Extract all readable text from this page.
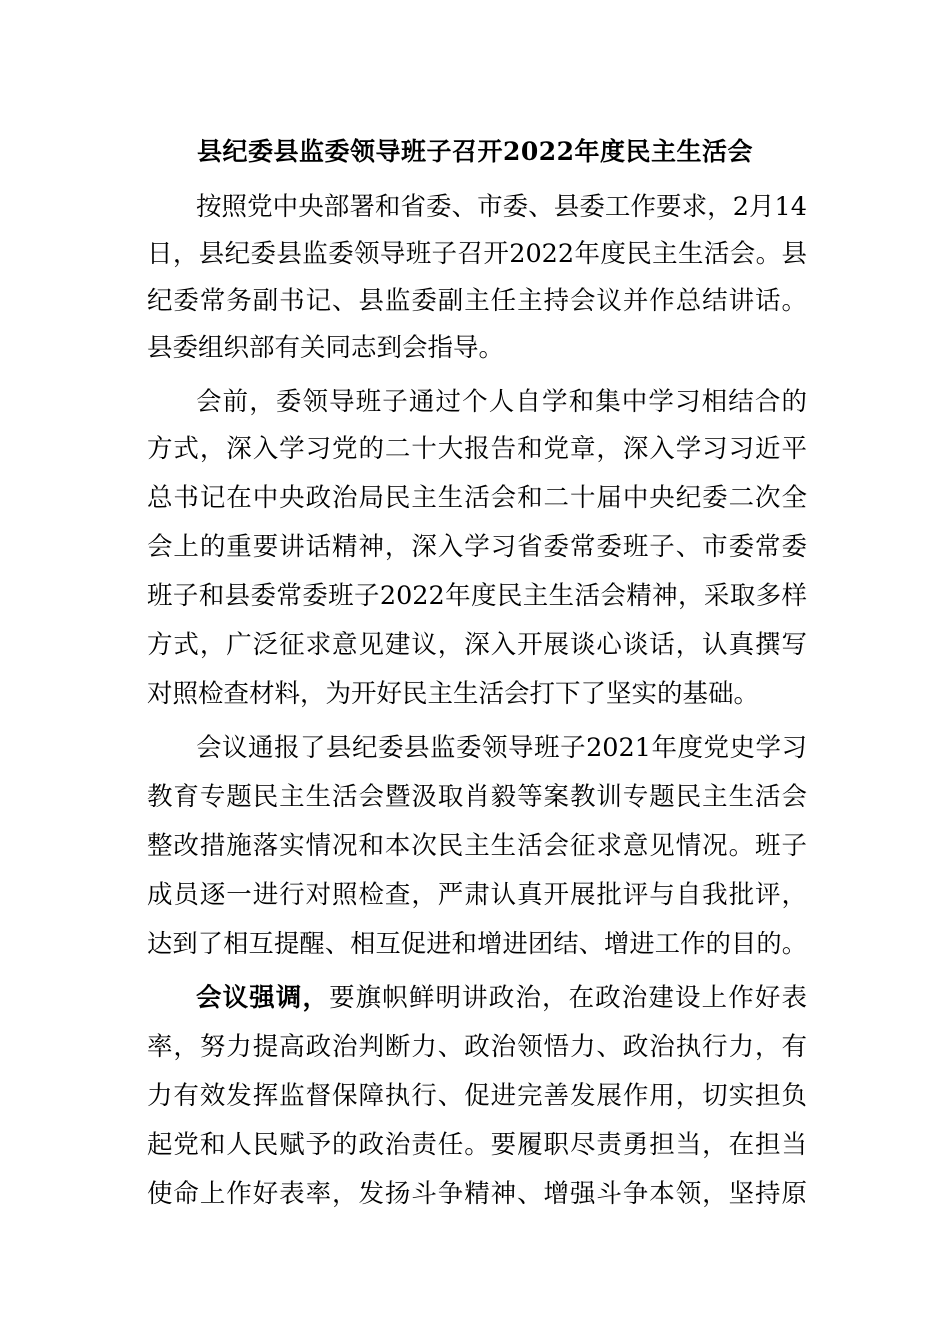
县纪委县监委领导班子召开2022年度民主生活会

按照党中央部署和省委、市委、县委工作要求，2月14

日，县纪委县监委领导班子召开2022年度民主生活会。县

纪委常务副书记、县监委副主任主持会议并作总结讲话。

县委组织部有关同志到会指导。

会前，委领导班子通过个人自学和集中学习相结合的

方式，深入学习党的二十大报告和党章，深入学习习近平

总书记在中央政治局民主生活会和二十届中央纪委二次全

会上的重要讲话精神，深入学习省委常委班子、市委常委

班子和县委常委班子2022年度民主生活会精神，采取多样

方式，广泛征求意见建议，深入开展谈心谈话，认真撰写

对照检查材料，为开好民主生活会打下了坚实的基础。

会议通报了县纪委县监委领导班子2021年度党史学习

教育专题民主生活会暨汲取肖毅等案教训专题民主生活会

整改措施落实情况和本次民主生活会征求意见情况。班子

成员逐一进行对照检查，严肃认真开展批评与自我批评，

达到了相互提醒、相互促进和增进团结、增进工作的目的。

会议强调，要旗帜鲜明讲政治，在政治建设上作好表

率，努力提高政治判断力、政治领悟力、政治执行力，有

力有效发挥监督保障执行、促进完善发展作用，切实担负

起党和人民赋予的政治责任。要履职尽责勇担当，在担当

使命上作好表率，发扬斗争精神、增强斗争本领，坚持原
